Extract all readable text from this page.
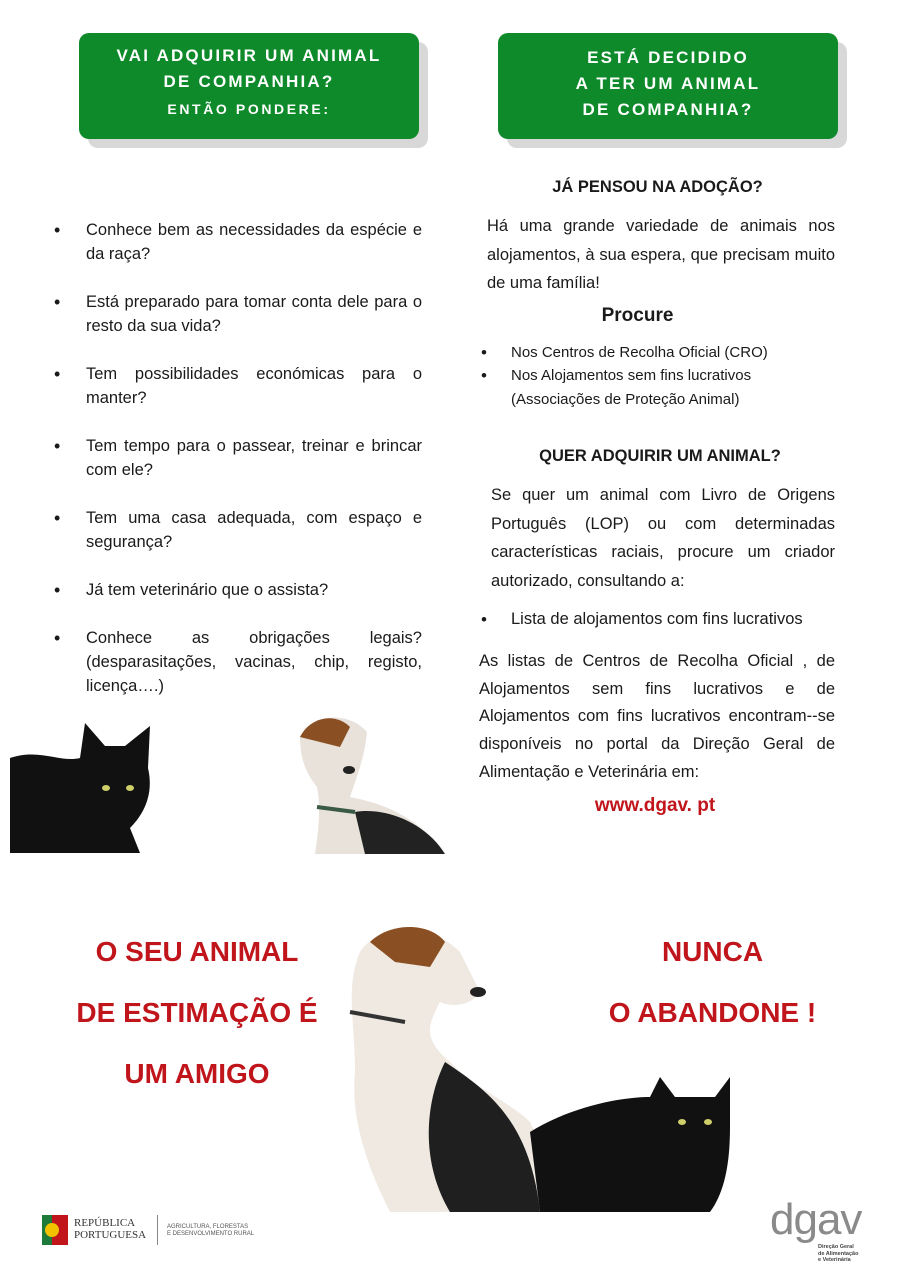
VAI ADQUIRIR UM ANIMAL
DE COMPANHIA?
ENTÃO PONDERE:
ESTÁ DECIDIDO
A TER UM ANIMAL
DE COMPANHIA?
• Conhece bem as necessidades da espécie e da raça?
• Está preparado para tomar conta dele para o resto da sua vida?
• Tem possibilidades económicas para o manter?
• Tem tempo para o passear, treinar e brincar com ele?
• Tem uma casa adequada, com espaço e segurança?
• Já tem veterinário que o assista?
• Conhece as obrigações legais? (desparasitações, vacinas, chip, registo, licença….)
JÁ PENSOU NA ADOÇÃO?
Há uma grande variedade de animais nos alojamentos, à sua espera, que precisam muito de uma família!
Procure
• Nos Centros de Recolha Oficial (CRO)
• Nos Alojamentos sem fins lucrativos
(Associações de Proteção Animal)
QUER ADQUIRIR UM ANIMAL?
Se quer um animal com Livro de Origens Português (LOP) ou com determinadas características raciais, procure um criador autorizado, consultando a:
• Lista de alojamentos com fins lucrativos
As listas de Centros de Recolha Oficial , de Alojamentos sem fins lucrativos e de Alojamentos com fins lucrativos encontram--se disponíveis no portal da Direção Geral de Alimentação e Veterinária em:
www.dgav. pt
O SEU ANIMAL
DE ESTIMAÇÃO É
UM AMIGO
NUNCA
O ABANDONE !
REPÚBLICA
PORTUGUESA
AGRICULTURA, FLORESTAS
E DESENVOLVIMENTO RURAL	dgav
Direção Geral
de Alimentação
e Veterinária
